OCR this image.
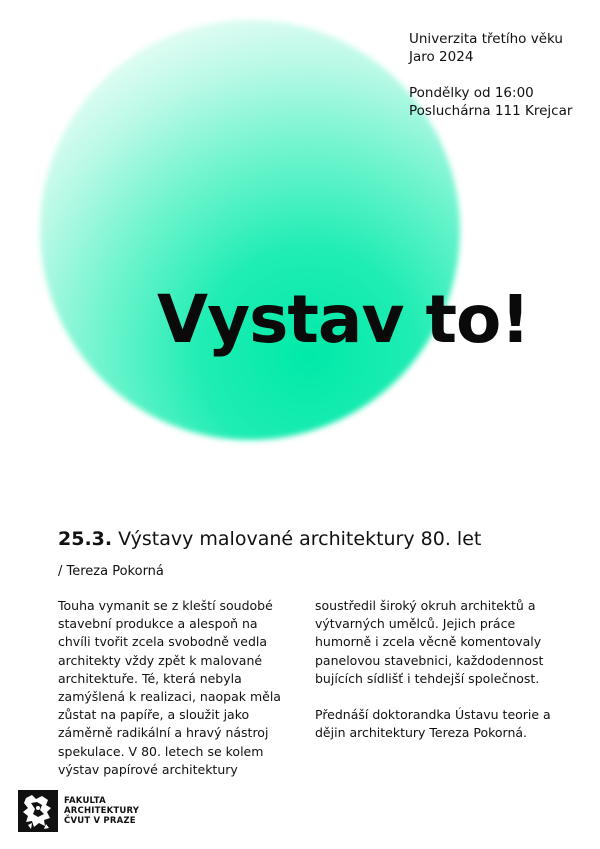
Univerzita třetího věku

Jaro 2024

Pondělky od 16:00

Posluchárna 111 Krejcar

Vystav to!
25.3. Výstavy malované architektury 80. let
/ Tereza Pokorná

Touha vymanit se z kleští soudobé stavební produkce a alespoň na chvíli tvořit zcela svobodně vedla architekty vždy zpět k malované architektuře. Té, která nebyla zamýšlená k realizaci, naopak měla zůstat na papíře, a sloužit jako záměrně radikální a hravý nástroj spekulace. V 80. letech se kolem výstav papírové architektury

soustředil široký okruh architektů a výtvarných umělců. Jejich práce humorně i zcela věcně komentovaly panelovou stavebnici, každodennost bujících sídlišť i tehdejší společnost.

Přednáší doktorandka Ústavu teorie a dějin architektury Tereza Pokorná.

FAKULTA
ARCHITEKTURY
ČVUT V PRAZE
